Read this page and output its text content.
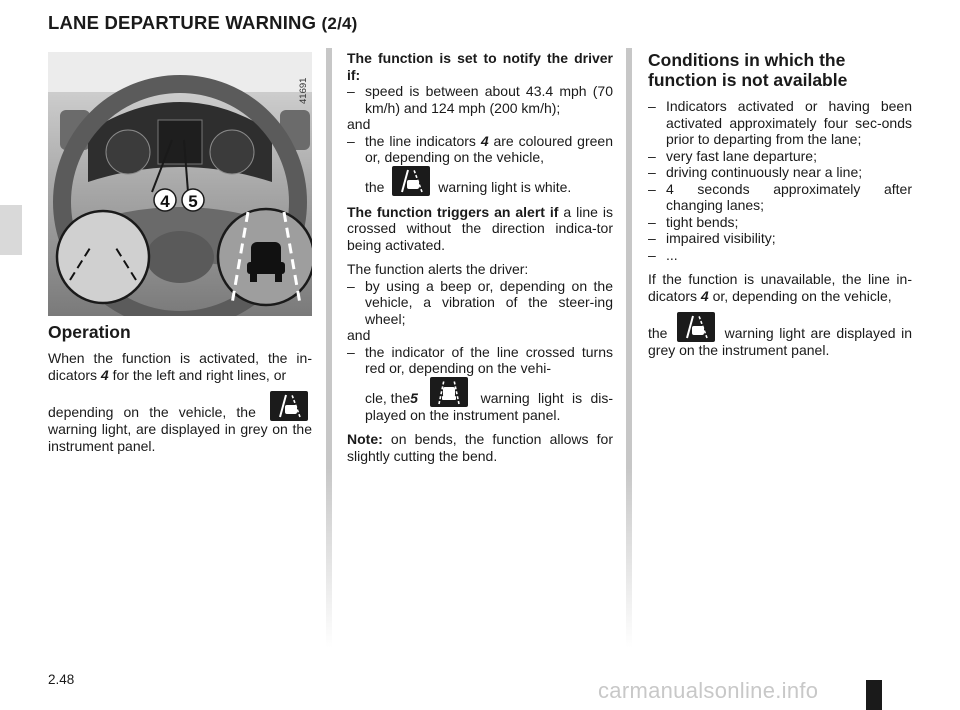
LANE DEPARTURE WARNING (2/4)
4 5
41691
Operation

When the function is activated, the in-dicators 4 for the left and right lines, or

depending on the vehicle, the
warning light, are displayed in grey on the instrument panel.

The function is set to notify the driver if:

– speed is between about 43.4 mph (70 km/h) and 124 mph (200 km/h);

and

– the line indicators 4 are coloured green or, depending on the vehicle,
the	warning light is white.

The function triggers an alert if a line is crossed without the direction indica-tor being activated.

The function alerts the driver:

– by using a beep or, depending on the vehicle, a vibration of the steer-ing wheel;

and

– the indicator of the line crossed turns red or, depending on the vehi-
cle, the5	warning light is dis-played on the instrument panel.

Note: on bends, the function allows for slightly cutting the bend.

Conditions in which the function is not available
– Indicators activated or having been activated approximately four sec-onds prior to departing from the lane;
– very fast lane departure;
– driving continuously near a line;
– 4 seconds approximately after changing lanes;
– tight bends;
– impaired visibility;
– ...

If the function is unavailable, the line in-dicators 4 or, depending on the vehicle,

the	warning light are displayed in grey on the instrument panel.

2.48	carmanualsonline.info
